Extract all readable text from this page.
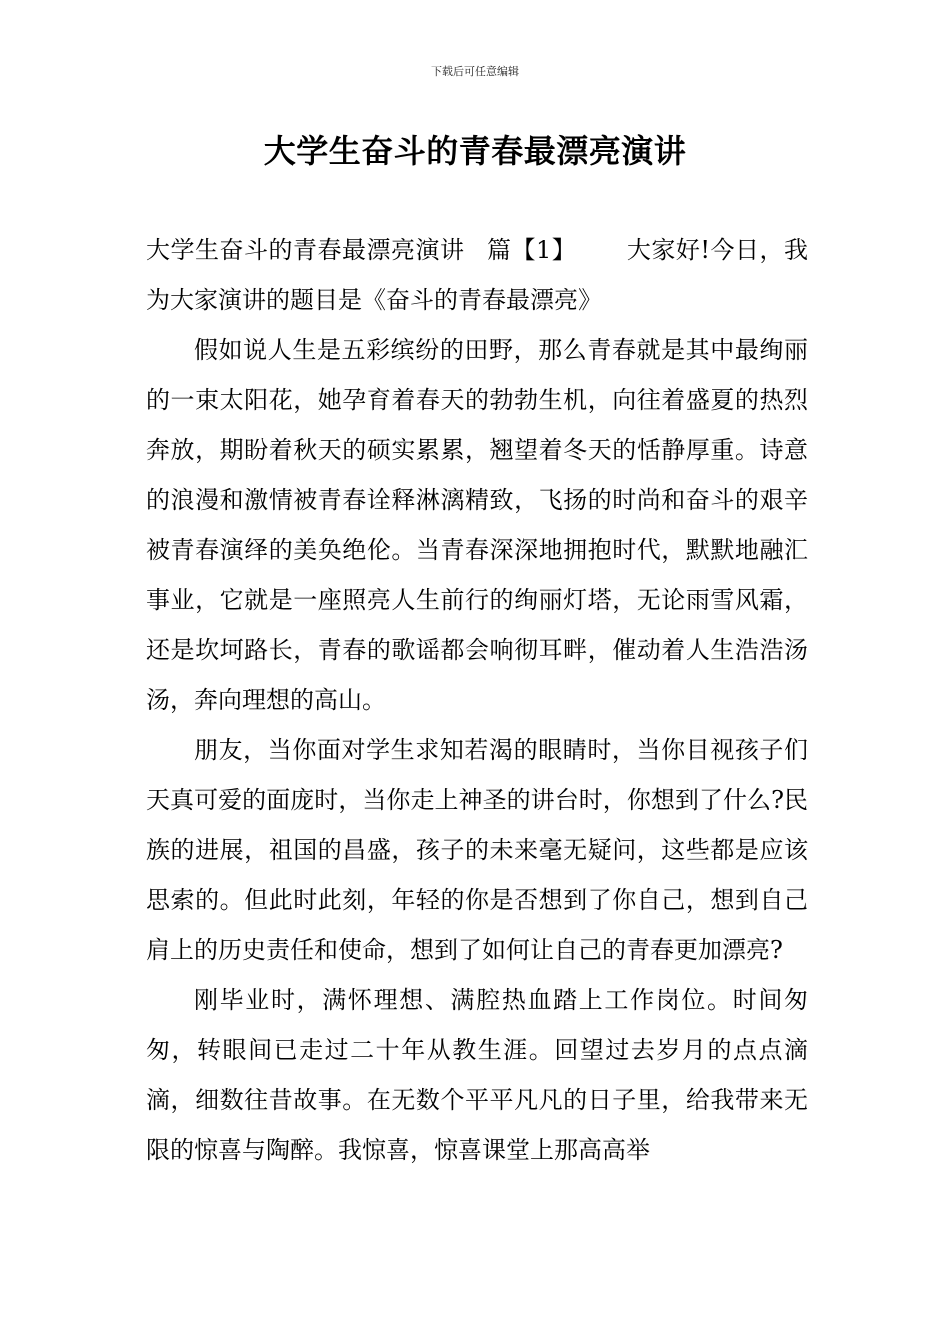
下载后可任意编辑
大学生奋斗的青春最漂亮演讲

大学生奋斗的青春最漂亮演讲 篇【1】 大家好!今日，我为大家演讲的题目是《奋斗的青春最漂亮》

假如说人生是五彩缤纷的田野，那么青春就是其中最绚丽的一束太阳花，她孕育着春天的勃勃生机，向往着盛夏的热烈奔放，期盼着秋天的硕实累累，翘望着冬天的恬静厚重。诗意的浪漫和激情被青春诠释淋漓精致，飞扬的时尚和奋斗的艰辛被青春演绎的美奂绝伦。当青春深深地拥抱时代，默默地融汇事业，它就是一座照亮人生前行的绚丽灯塔，无论雨雪风霜，还是坎坷路长，青春的歌谣都会响彻耳畔，催动着人生浩浩汤汤，奔向理想的高山。

朋友，当你面对学生求知若渴的眼睛时，当你目视孩子们天真可爱的面庞时，当你走上神圣的讲台时，你想到了什么?民族的进展，祖国的昌盛，孩子的未来毫无疑问，这些都是应该思索的。但此时此刻，年轻的你是否想到了你自己，想到自己肩上的历史责任和使命，想到了如何让自己的青春更加漂亮?

刚毕业时，满怀理想、满腔热血踏上工作岗位。时间匆匆，转眼间已走过二十年从教生涯。回望过去岁月的点点滴滴，细数往昔故事。在无数个平平凡凡的日子里，给我带来无限的惊喜与陶醉。我惊喜，惊喜课堂上那高高举
